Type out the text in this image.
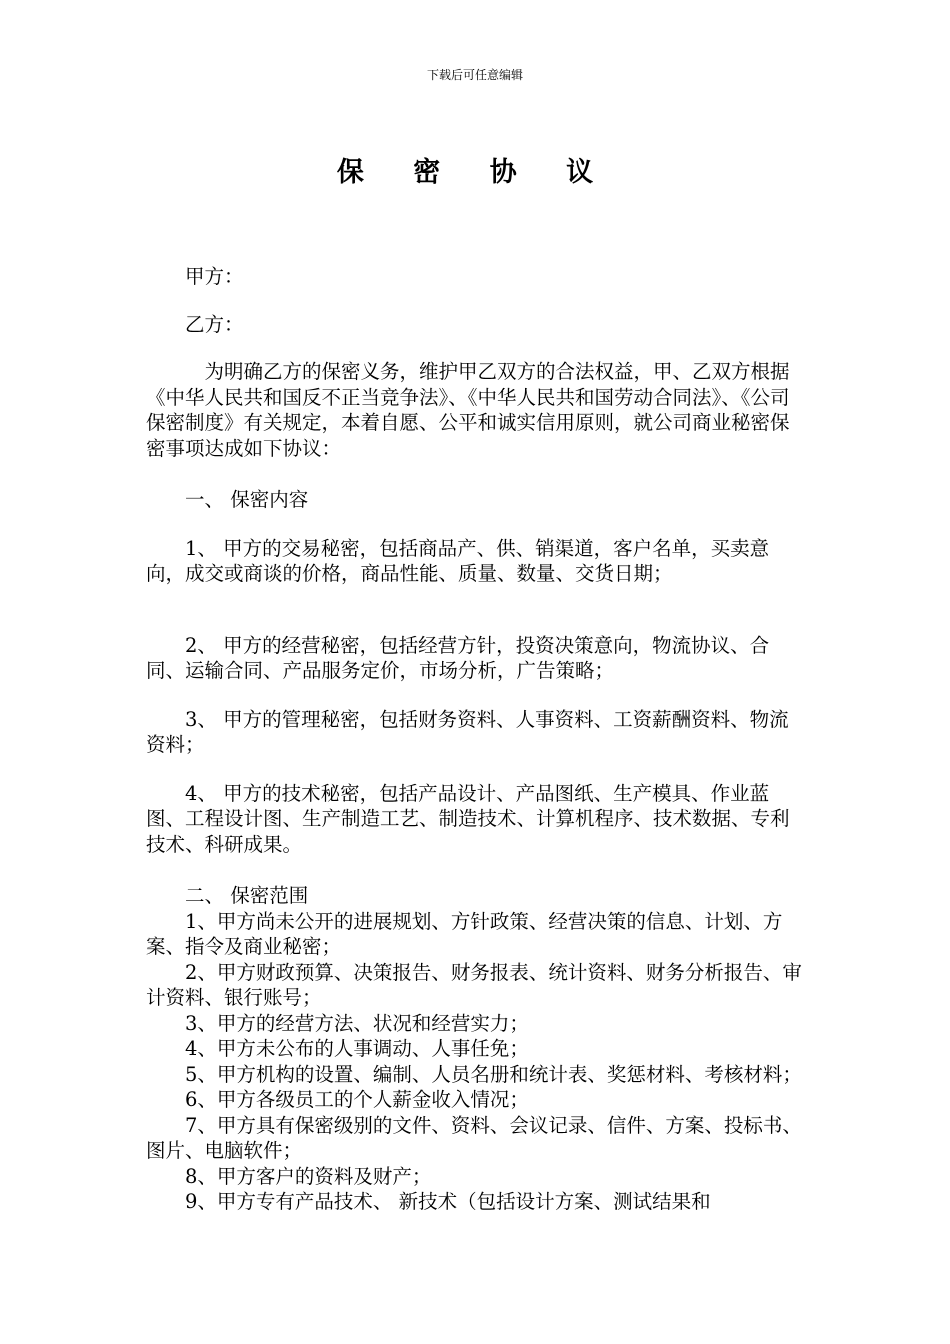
下载后可任意编辑
保 密 协 议

甲方：

乙方：

　为明确乙方的保密义务，维护甲乙双方的合法权益，甲、乙双方根据《中华人民共和国反不正当竞争法》、《中华人民共和国劳动合同法》、《公司保密制度》有关规定，本着自愿、公平和诚实信用原则，就公司商业秘密保密事项达成如下协议：

一、 保密内容

1、 甲方的交易秘密，包括商品产、供、销渠道，客户名单，买卖意向，成交或商谈的价格，商品性能、质量、数量、交货日期；

2、 甲方的经营秘密，包括经营方针，投资决策意向，物流协议、合同、运输合同、产品服务定价，市场分析，广告策略；

3、 甲方的管理秘密，包括财务资料、人事资料、工资薪酬资料、物流资料；

4、 甲方的技术秘密，包括产品设计、产品图纸、生产模具、作业蓝图、工程设计图、生产制造工艺、制造技术、计算机程序、技术数据、专利技术、科研成果。

二、 保密范围

1、甲方尚未公开的进展规划、方针政策、经营决策的信息、计划、方案、指令及商业秘密；

2、甲方财政预算、决策报告、财务报表、统计资料、财务分析报告、审计资料、银行账号；

3、甲方的经营方法、状况和经营实力；

4、甲方未公布的人事调动、人事任免；

5、甲方机构的设置、编制、人员名册和统计表、奖惩材料、考核材料；

6、甲方各级员工的个人薪金收入情况；

7、甲方具有保密级别的文件、资料、会议记录、信件、方案、投标书、图片、电脑软件；

8、甲方客户的资料及财产；

9、甲方专有产品技术、 新技术（包括设计方案、测试结果和
